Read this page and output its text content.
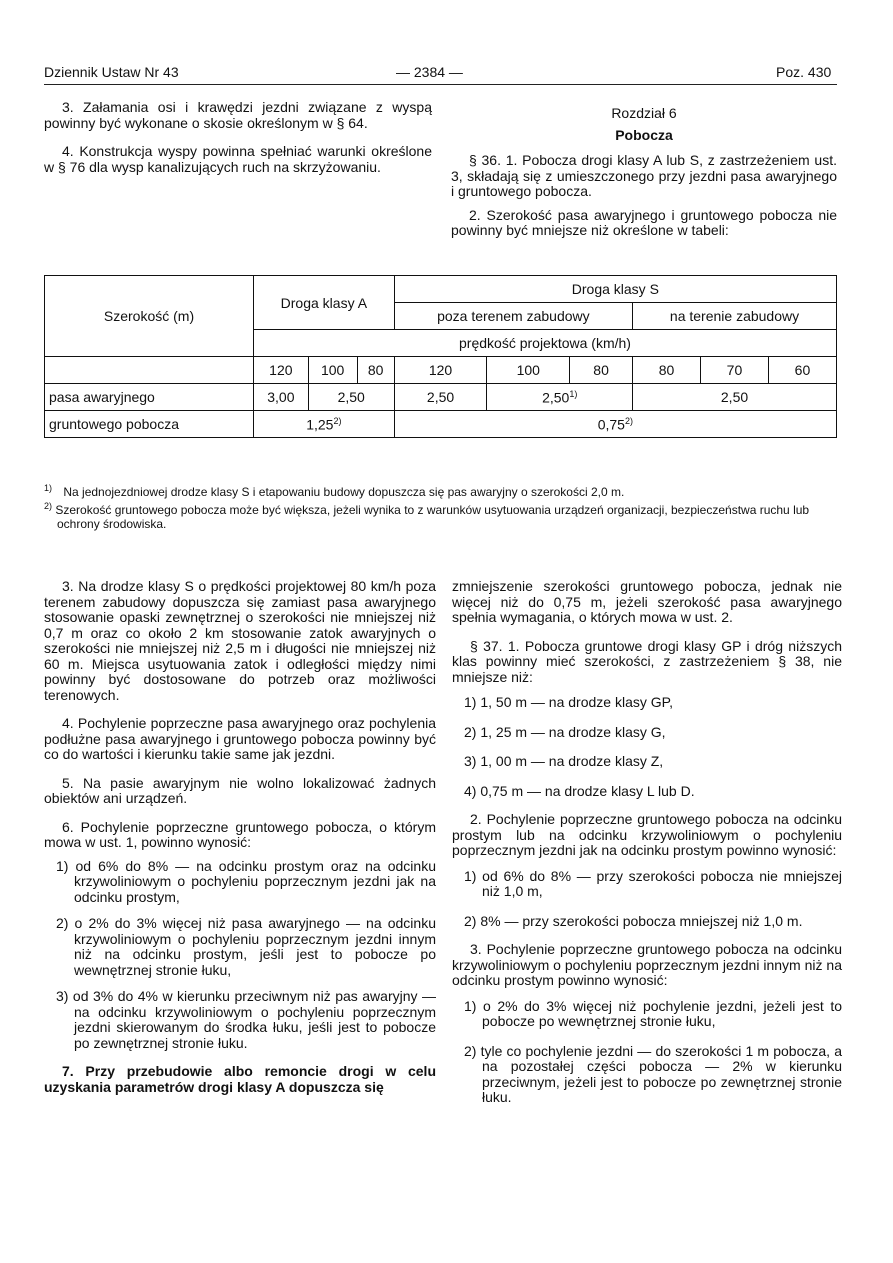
Dziennik Ustaw Nr 43	— 2384 —	Poz. 430

3. Załamania osi i krawędzi jezdni związane z wyspą powinny być wykonane o skosie określonym w § 64.

4. Konstrukcja wyspy powinna spełniać warunki określone w § 76 dla wysp kanalizujących ruch na skrzyżowaniu.

Rozdział 6

Pobocza

§ 36. 1. Pobocza drogi klasy A lub S, z zastrzeżeniem ust. 3, składają się z umieszczonego przy jezdni pasa awaryjnego i gruntowego pobocza.

2. Szerokość pasa awaryjnego i gruntowego pobocza nie powinny być mniejsze niż określone w tabeli:

Szerokość (m)	Droga klasy A			Droga klasy S					
				poza terenem zabudowy			na terenie zabudowy		
	prędkość projektowa (km/h)								
	120	100	80	120	100	80	80	70	60
pasa awaryjnego	3,00	2,50		2,50	2,50$^{1)}$		2,50		
gruntowego pobocza	1,25$^{2)}$			0,75$^{2)}$
$^{1)}$ Na jednojezdniowej drodze klasy S i etapowaniu budowy dopuszcza się pas awaryjny o szerokości 2,0 m.
$^{2)}$ Szerokość gruntowego pobocza może być większa, jeżeli wynika to z warunków usytuowania urządzeń organizacji, bezpieczeństwa ruchu lub ochrony środowiska.

3. Na drodze klasy S o prędkości projektowej 80 km/h poza terenem zabudowy dopuszcza się zamiast pasa awaryjnego stosowanie opaski zewnętrznej o szerokości nie mniejszej niż 0,7 m oraz co około 2 km stosowanie zatok awaryjnych o szerokości nie mniejszej niż 2,5 m i długości nie mniejszej niż 60 m. Miejsca usytuowania zatok i odległości między nimi powinny być dostosowane do potrzeb oraz możliwości terenowych.

4. Pochylenie poprzeczne pasa awaryjnego oraz pochylenia podłużne pasa awaryjnego i gruntowego pobocza powinny być co do wartości i kierunku takie same jak jezdni.

5. Na pasie awaryjnym nie wolno lokalizować żadnych obiektów ani urządzeń.

6. Pochylenie poprzeczne gruntowego pobocza, o którym mowa w ust. 1, powinno wynosić:

1) od 6% do 8% — na odcinku prostym oraz na odcinku krzywoliniowym o pochyleniu poprzecznym jezdni jak na odcinku prostym,
2) o 2% do 3% więcej niż pasa awaryjnego — na odcinku krzywoliniowym o pochyleniu poprzecznym jezdni innym niż na odcinku prostym, jeśli jest to pobocze po wewnętrznej stronie łuku,
3) od 3% do 4% w kierunku przeciwnym niż pas awaryjny — na odcinku krzywoliniowym o pochyleniu poprzecznym jezdni skierowanym do środka łuku, jeśli jest to pobocze po zewnętrznej stronie łuku.

7. Przy przebudowie albo remoncie drogi w celu uzyskania parametrów drogi klasy A dopuszcza się

zmniejszenie szerokości gruntowego pobocza, jednak nie więcej niż do 0,75 m, jeżeli szerokość pasa awaryjnego spełnia wymagania, o których mowa w ust. 2.

§ 37. 1. Pobocza gruntowe drogi klasy GP i dróg niższych klas powinny mieć szerokości, z zastrzeżeniem § 38, nie mniejsze niż:

1) 1, 50 m — na drodze klasy GP,
2) 1, 25 m — na drodze klasy G,
3) 1, 00 m — na drodze klasy Z,
4) 0,75 m — na drodze klasy L lub D.

2. Pochylenie poprzeczne gruntowego pobocza na odcinku prostym lub na odcinku krzywoliniowym o pochyleniu poprzecznym jezdni jak na odcinku prostym powinno wynosić:

1) od 6% do 8% — przy szerokości pobocza nie mniejszej niż 1,0 m,
2) 8% — przy szerokości pobocza mniejszej niż 1,0 m.

3. Pochylenie poprzeczne gruntowego pobocza na odcinku krzywoliniowym o pochyleniu poprzecznym jezdni innym niż na odcinku prostym powinno wynosić:

1) o 2% do 3% więcej niż pochylenie jezdni, jeżeli jest to pobocze po wewnętrznej stronie łuku,
2) tyle co pochylenie jezdni — do szerokości 1 m pobocza, a na pozostałej części pobocza — 2% w kierunku przeciwnym, jeżeli jest to pobocze po zewnętrznej stronie łuku.
